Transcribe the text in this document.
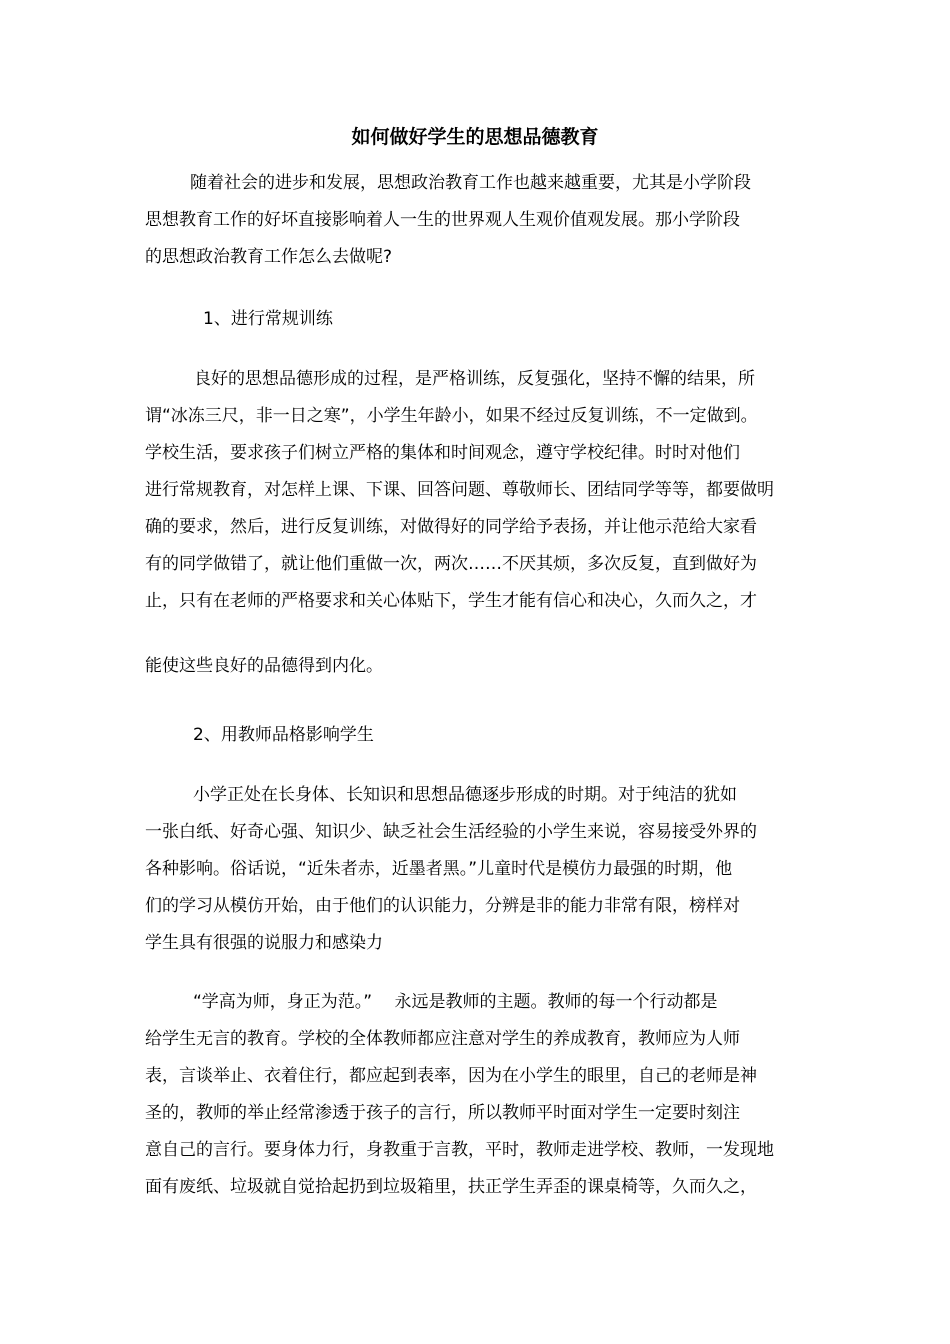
如何做好学生的思想品德教育
随着社会的进步和发展，思想政治教育工作也越来越重要，尤其是小学阶段
思想教育工作的好坏直接影响着人一生的世界观人生观价值观发展。那小学阶段
的思想政治教育工作怎么去做呢?
1、进行常规训练
良好的思想品德形成的过程，是严格训练，反复强化，坚持不懈的结果，所
谓“冰冻三尺，非一日之寒”，小学生年龄小，如果不经过反复训练，不一定做到。
学校生活，要求孩子们树立严格的集体和时间观念，遵守学校纪律。时时对他们
进行常规教育，对怎样上课、下课、回答问题、尊敬师长、团结同学等等，都要做明
确的要求，然后，进行反复训练，对做得好的同学给予表扬，并让他示范给大家看
有的同学做错了，就让他们重做一次，两次……不厌其烦，多次反复，直到做好为
止，只有在老师的严格要求和关心体贴下，学生才能有信心和决心，久而久之，才
能使这些良好的品德得到内化。
2、用教师品格影响学生
小学正处在长身体、长知识和思想品德逐步形成的时期。对于纯洁的犹如
一张白纸、好奇心强、知识少、缺乏社会生活经验的小学生来说，容易接受外界的
各种影响。俗话说，“近朱者赤，近墨者黑。”儿童时代是模仿力最强的时期，他
们的学习从模仿开始，由于他们的认识能力，分辨是非的能力非常有限，榜样对
学生具有很强的说服力和感染力
“学高为师，身正为范。”　 永远是教师的主题。教师的每一个行动都是
给学生无言的教育。学校的全体教师都应注意对学生的养成教育，教师应为人师
表，言谈举止、衣着住行，都应起到表率，因为在小学生的眼里，自己的老师是神
圣的，教师的举止经常渗透于孩子的言行，所以教师平时面对学生一定要时刻注
意自己的言行。要身体力行，身教重于言教，平时，教师走进学校、教师，一发现地
面有废纸、垃圾就自觉拾起扔到垃圾箱里，扶正学生弄歪的课桌椅等，久而久之，
